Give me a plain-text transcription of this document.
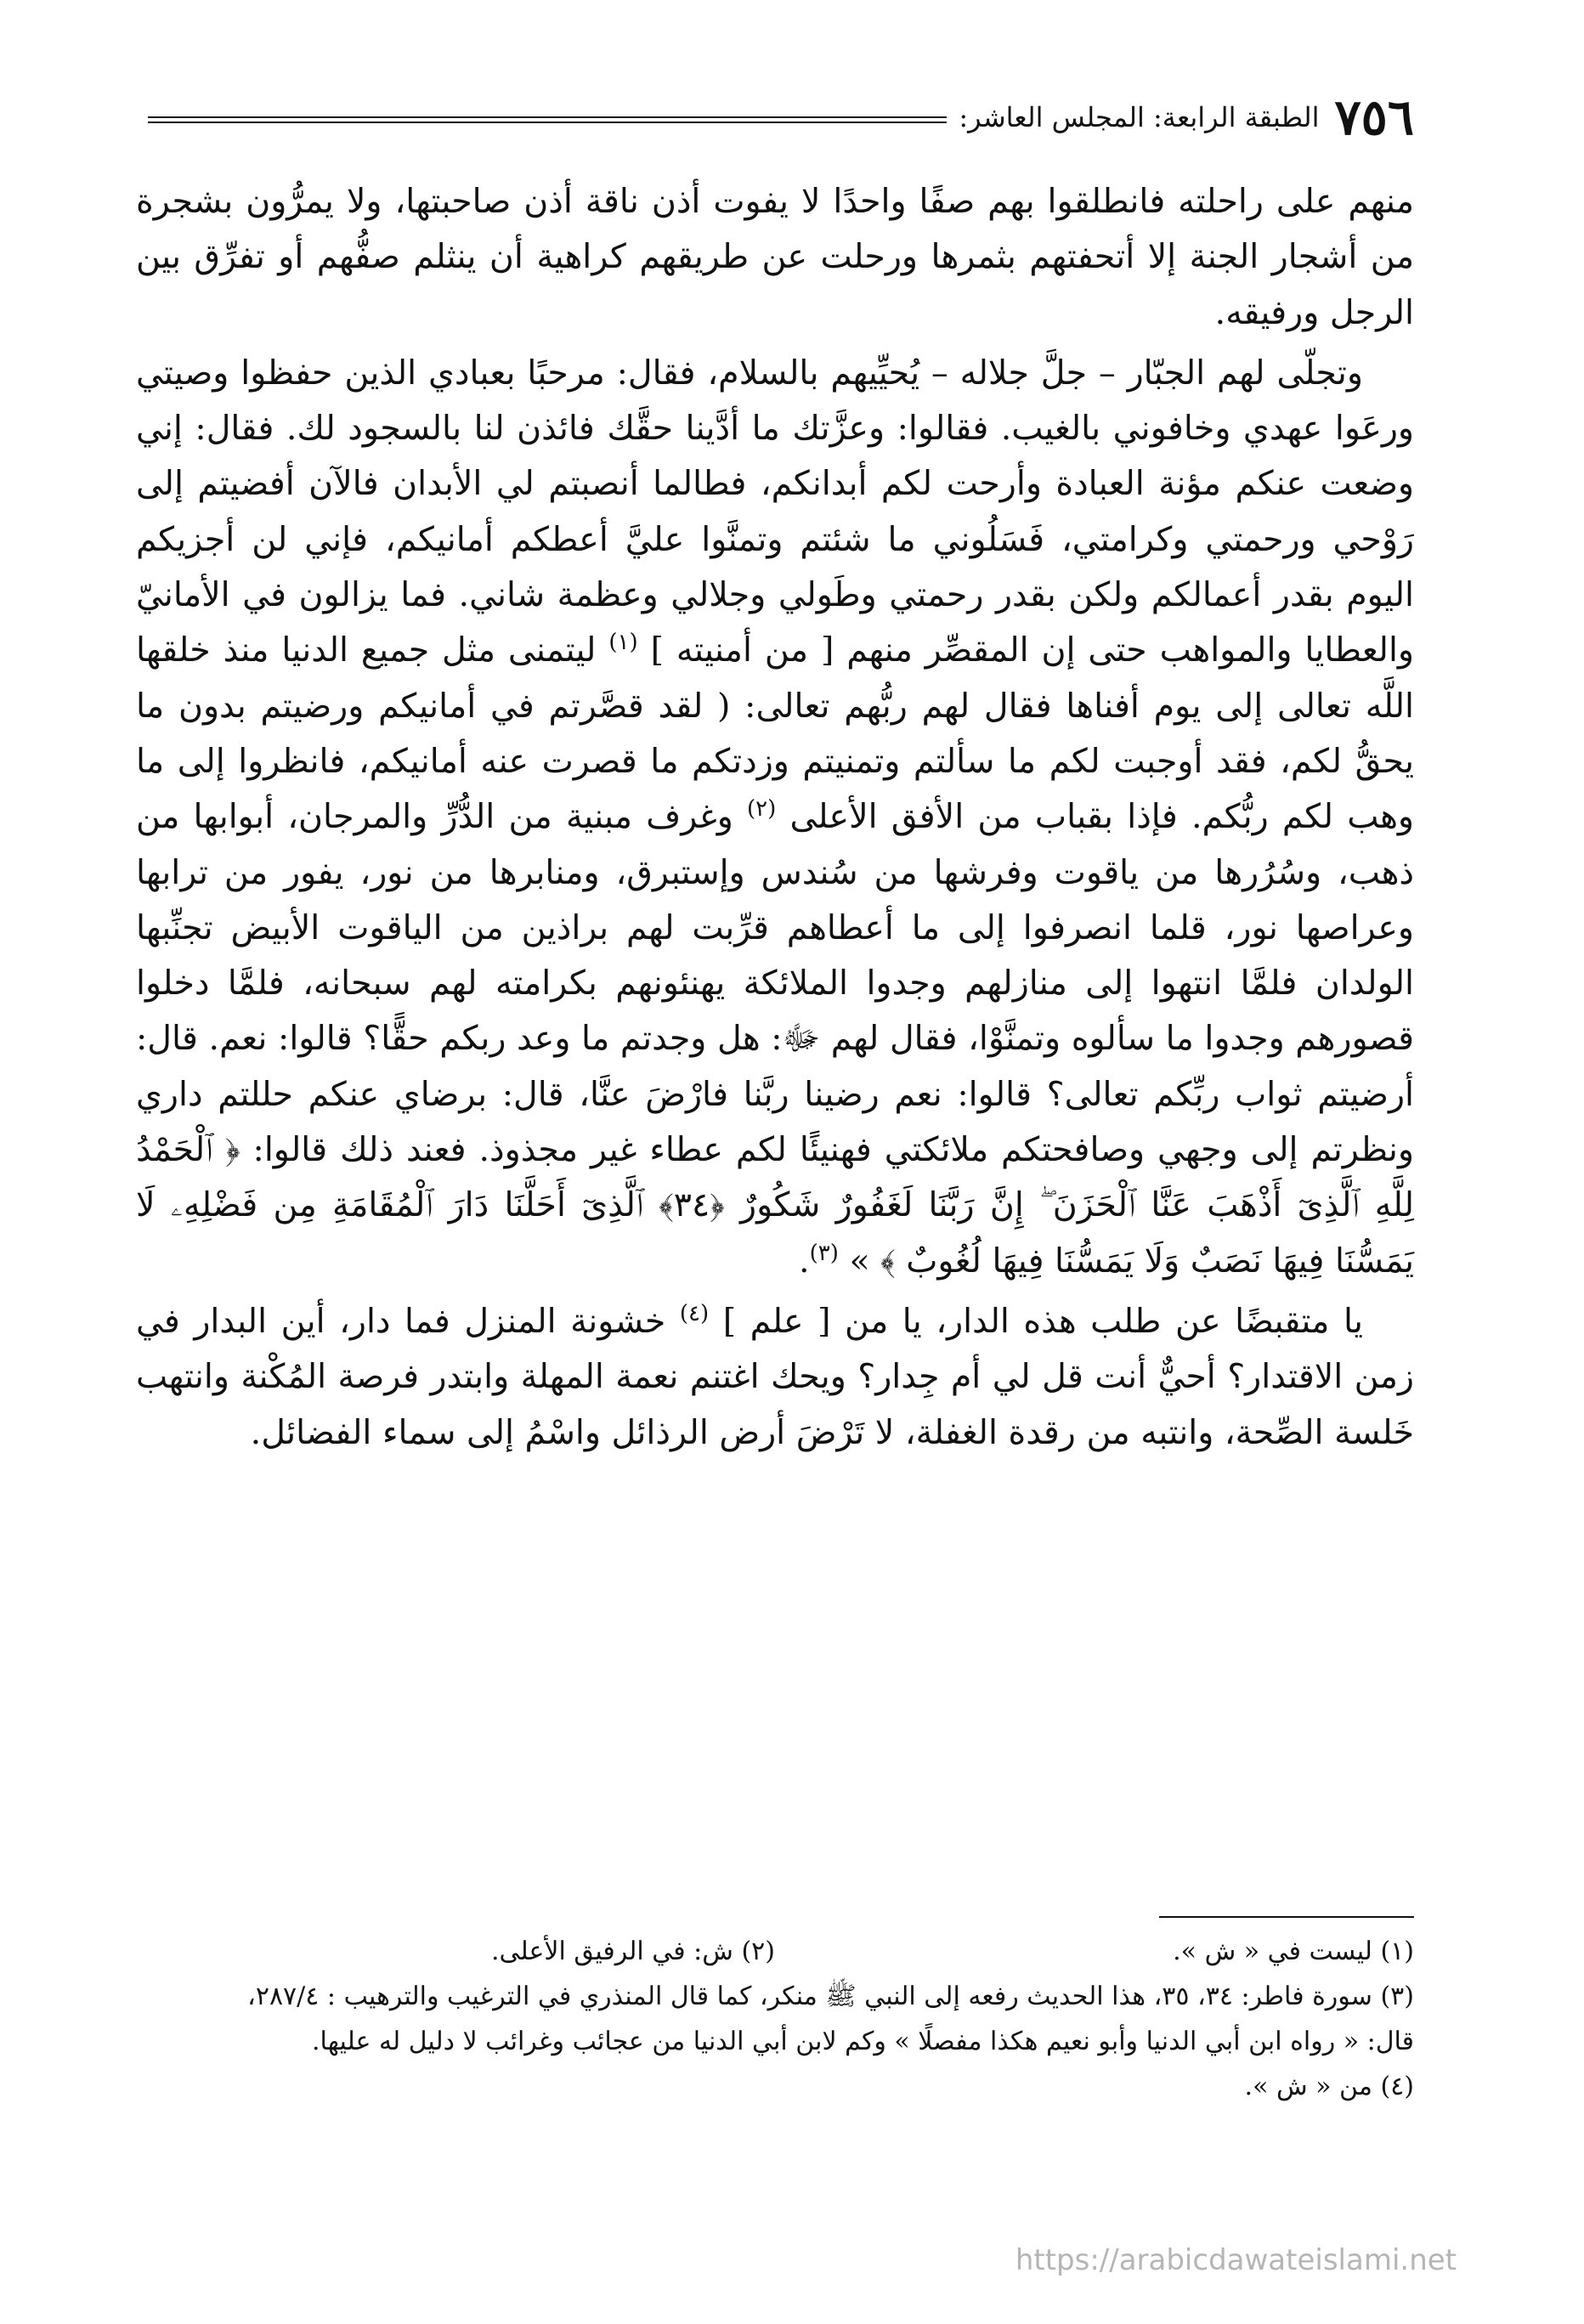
٧٥٦
الطبقة الرابعة: المجلس العاشر:

منهم على راحلته فانطلقوا بهم صفًا واحدًا لا يفوت أذن ناقة أذن صاحبتها، ولا يمرُّون بشجرة من أشجار الجنة إلا أتحفتهم بثمرها ورحلت عن طريقهم كراهية أن ينثلم صفُّهم أو تفرِّق بين الرجل ورفيقه.

وتجلّى لهم الجبّار – جلَّ جلاله – يُحيِّيهم بالسلام، فقال: مرحبًا بعبادي الذين حفظوا وصيتي ورعَوا عهدي وخافوني بالغيب. فقالوا: وعزَّتك ما أدَّينا حقَّك فائذن لنا بالسجود لك. فقال: إني وضعت عنكم مؤنة العبادة وأرحت لكم أبدانكم، فطالما أنصبتم لي الأبدان فالآن أفضيتم إلى رَوْحي ورحمتي وكرامتي، فَسَلُوني ما شئتم وتمنَّوا عليَّ أعطكم أمانيكم، فإني لن أجزيكم اليوم بقدر أعمالكم ولكن بقدر رحمتي وطَولي وجلالي وعظمة شاني. فما يزالون في الأمانيّ والعطايا والمواهب حتى إن المقصِّر منهم [ من أمنيته ] $^{(١)}$ ليتمنى مثل جميع الدنيا منذ خلقها اللَّه تعالى إلى يوم أفناها فقال لهم ربُّهم تعالى: ( لقد قصَّرتم في أمانيكم ورضيتم بدون ما يحقُّ لكم، فقد أوجبت لكم ما سألتم وتمنيتم وزدتكم ما قصرت عنه أمانيكم، فانظروا إلى ما وهب لكم ربُّكم. فإذا بقباب من الأفق الأعلى $^{(٢)}$ وغرف مبنية من الدُّرِّ والمرجان، أبوابها من ذهب، وسُرُرها من ياقوت وفرشها من سُندس وإستبرق، ومنابرها من نور، يفور من ترابها وعراصها نور، قلما انصرفوا إلى ما أعطاهم قرِّبت لهم براذين من الياقوت الأبيض تجنِّبها الولدان فلمَّا انتهوا إلى منازلهم وجدوا الملائكة يهنئونهم بكرامته لهم سبحانه، فلمَّا دخلوا قصورهم وجدوا ما سألوه وتمنَّوْا، فقال لهم ﷻ: هل وجدتم ما وعد ربكم حقًّا؟ قالوا: نعم. قال: أرضيتم ثواب ربِّكم تعالى؟ قالوا: نعم رضينا ربَّنا فارْضَ عنَّا، قال: برضاي عنكم حللتم داري ونظرتم إلى وجهي وصافحتكم ملائكتي فهنيئًا لكم عطاء غير مجذوذ. فعند ذلك قالوا: ﴿ ٱلْحَمْدُ لِلَّهِ ٱلَّذِىٓ أَذْهَبَ عَنَّا ٱلْحَزَنَ ۖ إِنَّ رَبَّنَا لَغَفُورٌ شَكُورٌ ﴿٣٤﴾ ٱلَّذِىٓ أَحَلَّنَا دَارَ ٱلْمُقَامَةِ مِن فَضْلِهِۦ لَا يَمَسُّنَا فِيهَا نَصَبٌ وَلَا يَمَسُّنَا فِيهَا لُغُوبٌ ﴾ » $^{(٣)}$.

يا متقبضًا عن طلب هذه الدار، يا من [ علم ] $^{(٤)}$ خشونة المنزل فما دار، أين البدار في زمن الاقتدار؟ أحيٌّ أنت قل لي أم جِدار؟ ويحك اغتنم نعمة المهلة وابتدر فرصة المُكْنة وانتهب خَلسة الصِّحة، وانتبه من رقدة الغفلة، لا تَرْضَ أرض الرذائل واسْمُ إلى سماء الفضائل.

(١) ليست في « ش ».

(٢) ش: في الرفيق الأعلى.

(٣) سورة فاطر: ٣٤، ٣٥، هذا الحديث رفعه إلى النبي ﷺ منكر، كما قال المنذري في الترغيب والترهيب : ٢٨٧/٤،

قال: « رواه ابن أبي الدنيا وأبو نعيم هكذا مفصلًا » وكم لابن أبي الدنيا من عجائب وغرائب لا دليل له عليها.

(٤) من « ش ».

https://arabicdawateislami.net
